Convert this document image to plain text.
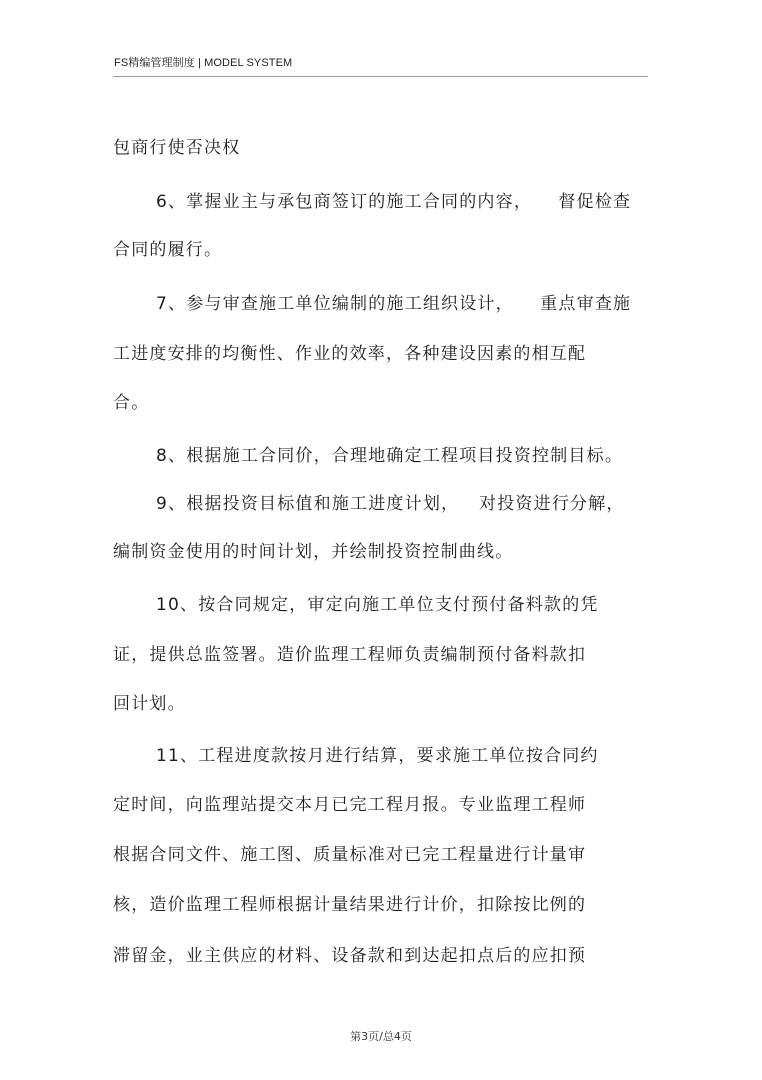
FS精编管理制度 | MODEL SYSTEM
包商行使否决权
6、掌握业主与承包商签订的施工合同的内容，    督促检查
合同的履行。
7、参与审查施工单位编制的施工组织设计，    重点审查施
工进度安排的均衡性、作业的效率，各种建设因素的相互配
合。
8、根据施工合同价，合理地确定工程项目投资控制目标。
9、根据投资目标值和施工进度计划，   对投资进行分解，
编制资金使用的时间计划，并绘制投资控制曲线。
10、按合同规定，审定向施工单位支付预付备料款的凭
证，提供总监签署。造价监理工程师负责编制预付备料款扣
回计划。
11、工程进度款按月进行结算，要求施工单位按合同约
定时间，向监理站提交本月已完工程月报。专业监理工程师
根据合同文件、施工图、质量标准对已完工程量进行计量审
核，造价监理工程师根据计量结果进行计价，扣除按比例的
滞留金，业主供应的材料、设备款和到达起扣点后的应扣预
第3页/总4页
